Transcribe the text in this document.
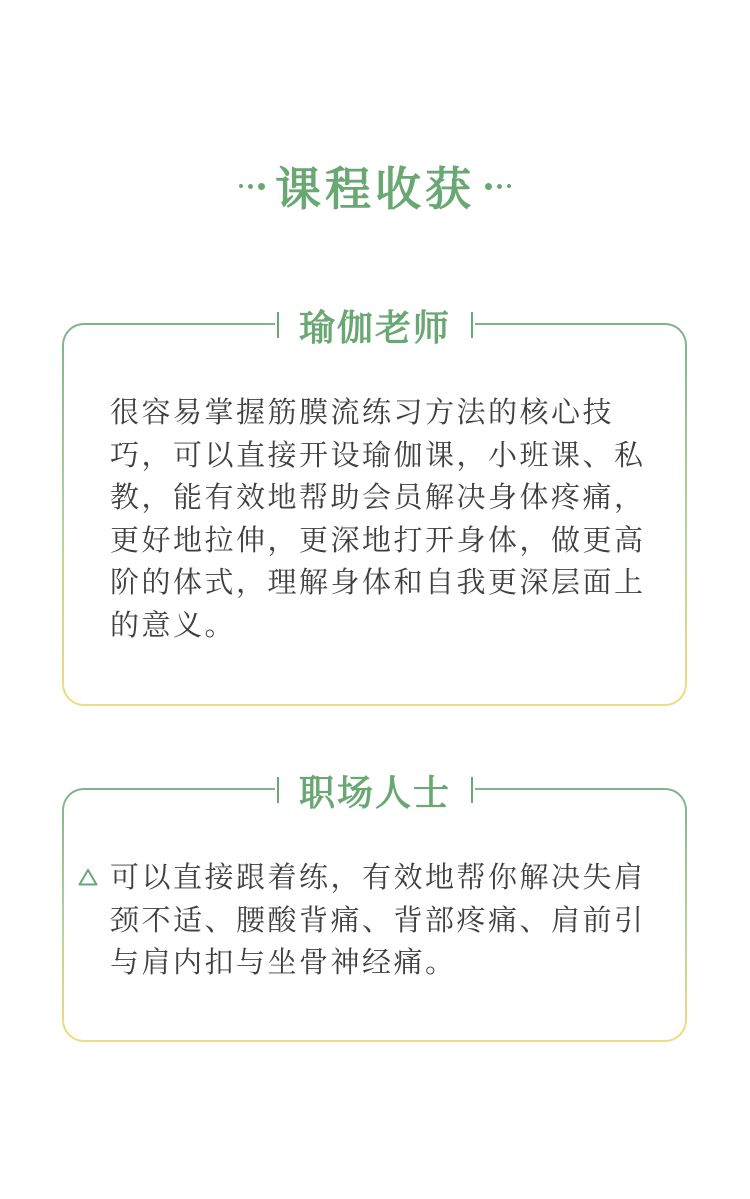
课程收获
瑜伽老师
很容易掌握筋膜流练习方法的核心技巧，可以直接开设瑜伽课，小班课、私教，能有效地帮助会员解决身体疼痛，更好地拉伸，更深地打开身体，做更高阶的体式，理解身体和自我更深层面上的意义。
职场人士
可以直接跟着练，有效地帮你解决失肩颈不适、腰酸背痛、背部疼痛、肩前引与肩内扣与坐骨神经痛。
